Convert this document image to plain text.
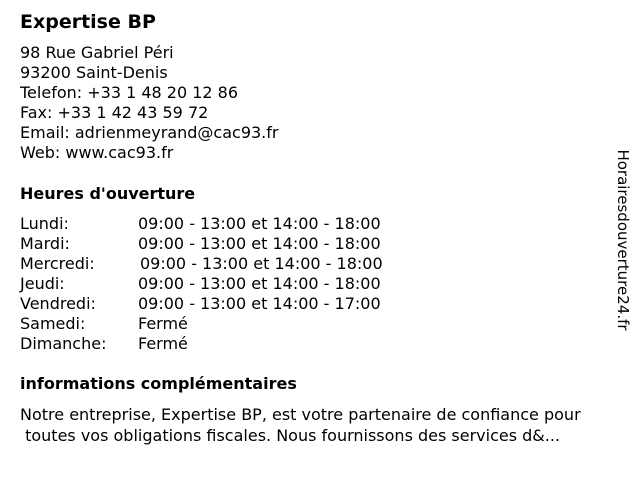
Expertise BP
98 Rue Gabriel Péri
93200 Saint-Denis
Telefon: +33 1 48 20 12 86
Fax: +33 1 42 43 59 72
Email: adrienmeyrand@cac93.fr
Web: www.cac93.fr
Heures d'ouverture
Lundi:	09:00 - 13:00 et 14:00 - 18:00
Mardi:	09:00 - 13:00 et 14:00 - 18:00
Mercredi:	09:00 - 13:00 et 14:00 - 18:00
Jeudi:	09:00 - 13:00 et 14:00 - 18:00
Vendredi:	09:00 - 13:00 et 14:00 - 17:00
Samedi:	Fermé
Dimanche: Fermé
informations complémentaires
Notre entreprise, Expertise BP, est votre partenaire de confiance pour
toutes vos obligations fiscales. Nous fournissons des services d&...
Horairesdouverture24.fr
